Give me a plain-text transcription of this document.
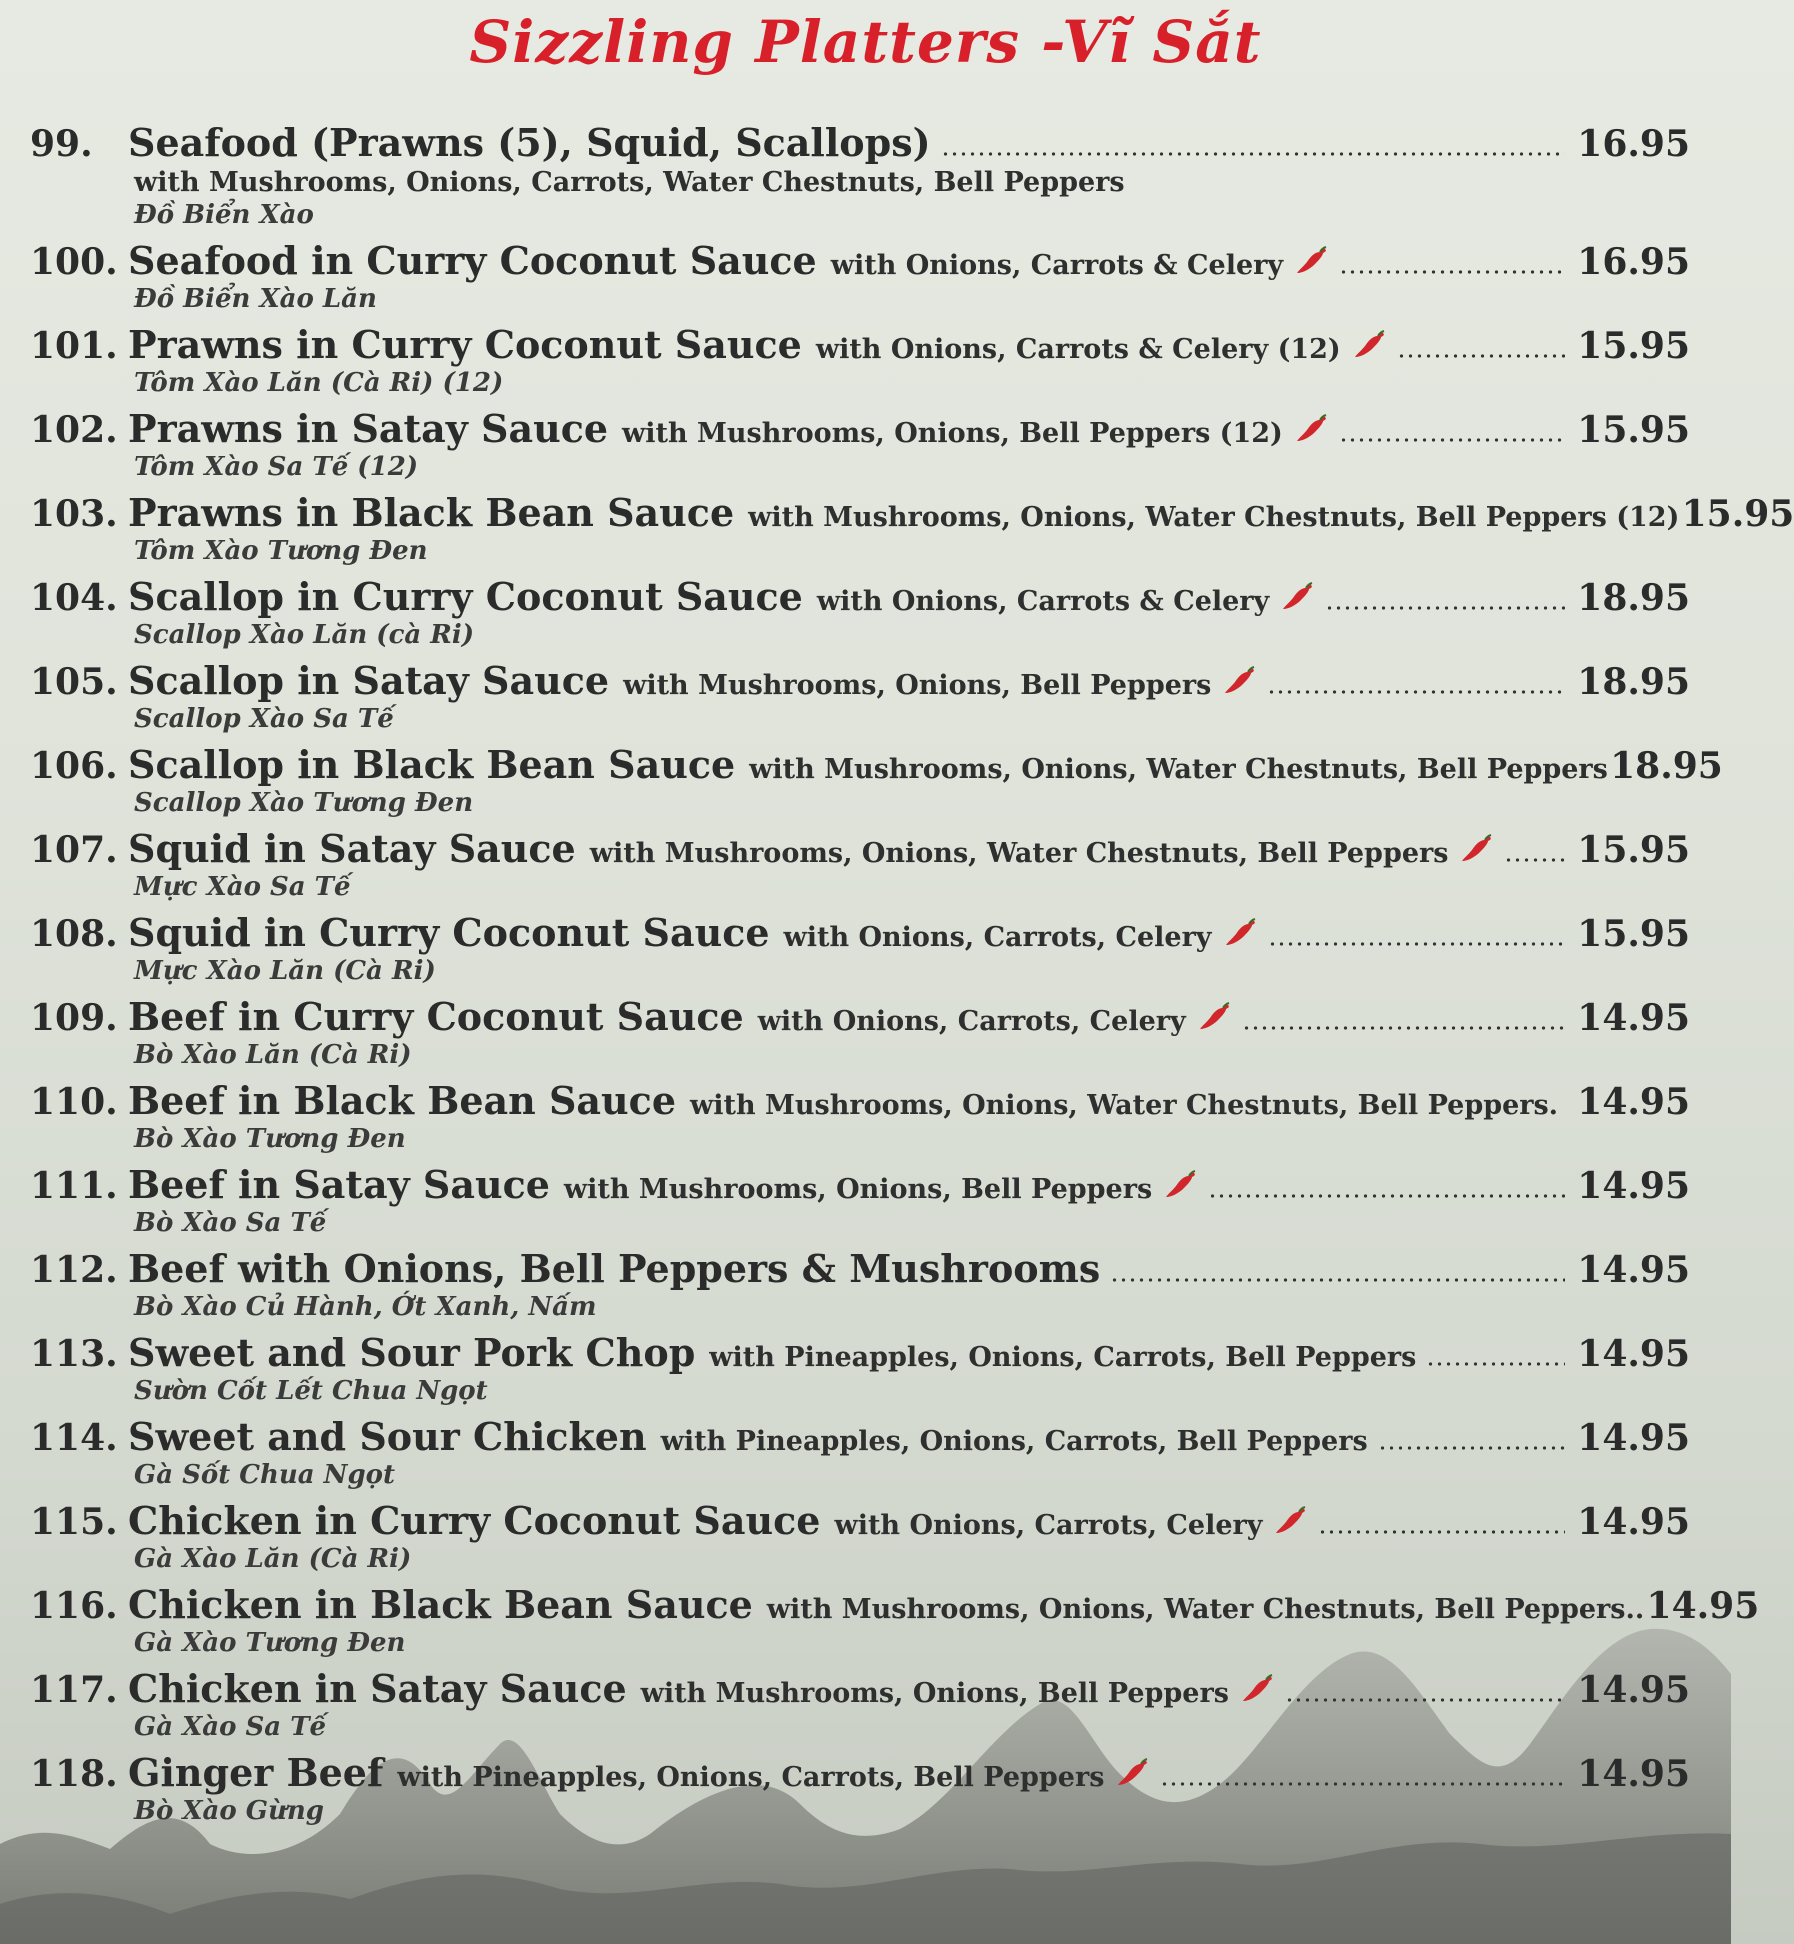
Sizzling Platters -Vĩ Sắt
99. Seafood (Prawns (5), Squid, Scallops)	16.95
with Mushrooms, Onions, Carrots, Water Chestnuts, Bell Peppers
Đồ Biển Xào
100. Seafood in Curry Coconut Sauce with Onions, Carrots & Celery	16.95
Đồ Biển Xào Lăn
101. Prawns in Curry Coconut Sauce with Onions, Carrots & Celery (12)	15.95
Tôm Xào Lăn (Cà Ri) (12)
102. Prawns in Satay Sauce with Mushrooms, Onions, Bell Peppers (12)	15.95
Tôm Xào Sa Tế (12)
103. Prawns in Black Bean Sauce with Mushrooms, Onions, Water Chestnuts, Bell Peppers (12) 15.95
Tôm Xào Tương Đen
104. Scallop in Curry Coconut Sauce with Onions, Carrots & Celery	18.95
Scallop Xào Lăn (cà Ri)
105. Scallop in Satay Sauce with Mushrooms, Onions, Bell Peppers	18.95
Scallop Xào Sa Tế
106. Scallop in Black Bean Sauce with Mushrooms, Onions, Water Chestnuts, Bell Peppers 18.95
Scallop Xào Tương Đen
107. Squid in Satay Sauce with Mushrooms, Onions, Water Chestnuts, Bell Peppers	15.95
Mực Xào Sa Tế
108. Squid in Curry Coconut Sauce with Onions, Carrots, Celery	15.95
Mực Xào Lăn (Cà Ri)
109. Beef in Curry Coconut Sauce with Onions, Carrots, Celery	14.95
Bò Xào Lăn (Cà Ri)
110. Beef in Black Bean Sauce with Mushrooms, Onions, Water Chestnuts, Bell Peppers. 14.95
Bò Xào Tương Đen
111. Beef in Satay Sauce with Mushrooms, Onions, Bell Peppers	14.95
Bò Xào Sa Tế
112. Beef with Onions, Bell Peppers & Mushrooms	14.95
Bò Xào Củ Hành, Ớt Xanh, Nấm
113. Sweet and Sour Pork Chop with Pineapples, Onions, Carrots, Bell Peppers	14.95
Sườn Cốt Lết Chua Ngọt
114. Sweet and Sour Chicken with Pineapples, Onions, Carrots, Bell Peppers	14.95
Gà Sốt Chua Ngọt
115. Chicken in Curry Coconut Sauce with Onions, Carrots, Celery	14.95
Gà Xào Lăn (Cà Ri)
116. Chicken in Black Bean Sauce with Mushrooms, Onions, Water Chestnuts, Bell Peppers.. 14.95
Gà Xào Tương Đen
117. Chicken in Satay Sauce with Mushrooms, Onions, Bell Peppers	14.95
Gà Xào Sa Tế
118. Ginger Beef with Pineapples, Onions, Carrots, Bell Peppers	14.95
Bò Xào Gừng
